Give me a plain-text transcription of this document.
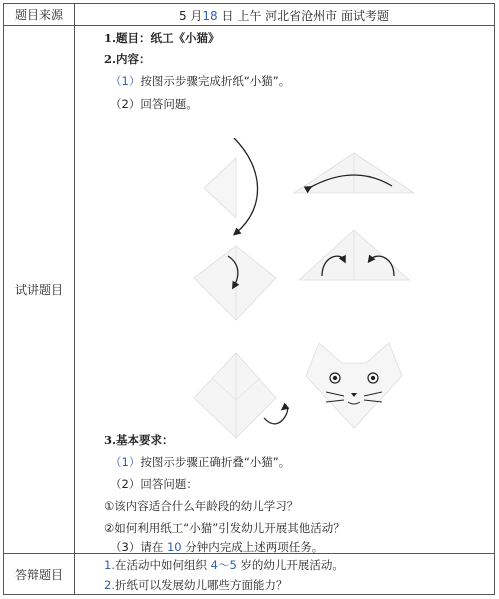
题目来源	5 月18 日 上午 河北省沧州市 面试考题
试讲题目
1.题目：纸工《小猫》
2.内容：
（1）按图示步骤完成折纸“小猫”。
（2）回答问题。
3.基本要求：
（1）按图示步骤正确折叠“小猫”。
（2）回答问题：
①该内容适合什么年龄段的幼儿学习？
②如何利用纸工“小猫”引发幼儿开展其他活动？
（3）请在 10 分钟内完成上述两项任务。
答辩题目
1.在活动中如何组织 4～5 岁的幼儿开展活动。
2.折纸可以发展幼儿哪些方面能力？
